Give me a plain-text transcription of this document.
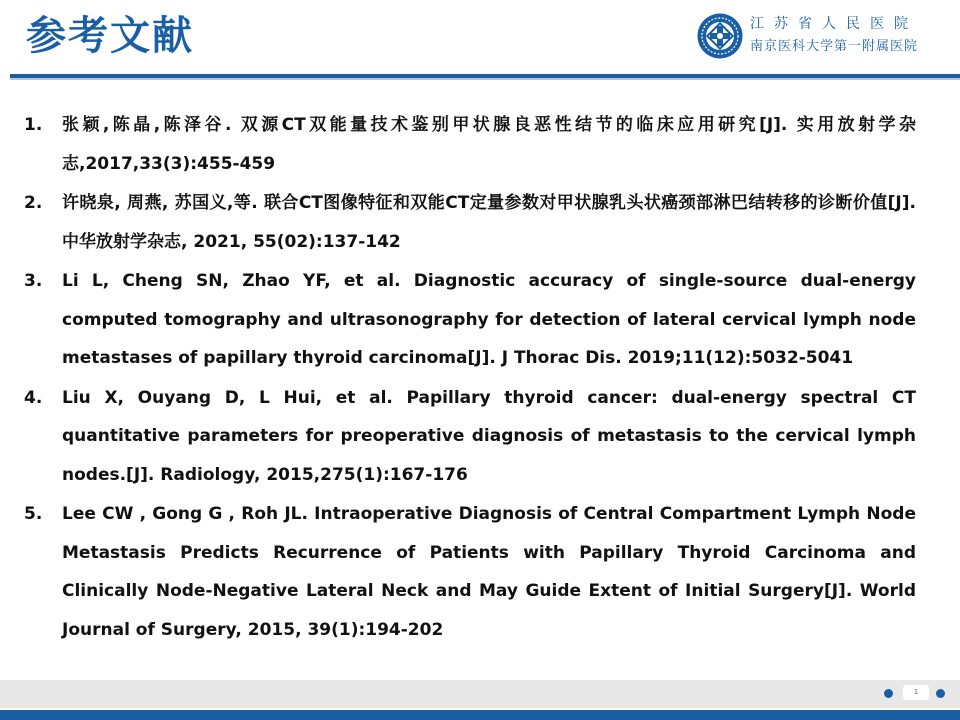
参考文献	江苏省人民医院
南京医科大学第一附属医院
1. 张颖,陈晶,陈泽谷. 双源CT双能量技术鉴别甲状腺良恶性结节的临床应用研究[J]. 实用放射学杂志,2017,33(3):455-459
2. 许晓泉, 周燕, 苏国义,等. 联合CT图像特征和双能CT定量参数对甲状腺乳头状癌颈部淋巴结转移的诊断价值[J]. 中华放射学杂志, 2021, 55(02):137-142
3. Li L, Cheng SN, Zhao YF, et al. Diagnostic accuracy of single-source dual-energy computed tomography and ultrasonography for detection of lateral cervical lymph node metastases of papillary thyroid carcinoma[J]. J Thorac Dis. 2019;11(12):5032-5041
4. Liu X, Ouyang D, L Hui, et al. Papillary thyroid cancer: dual-energy spectral CT quantitative parameters for preoperative diagnosis of metastasis to the cervical lymph nodes.[J]. Radiology, 2015,275(1):167-176
5. Lee CW , Gong G , Roh JL. Intraoperative Diagnosis of Central Compartment Lymph Node Metastasis Predicts Recurrence of Patients with Papillary Thyroid Carcinoma and Clinically Node-Negative Lateral Neck and May Guide Extent of Initial Surgery[J]. World Journal of Surgery, 2015, 39(1):194-202
1
